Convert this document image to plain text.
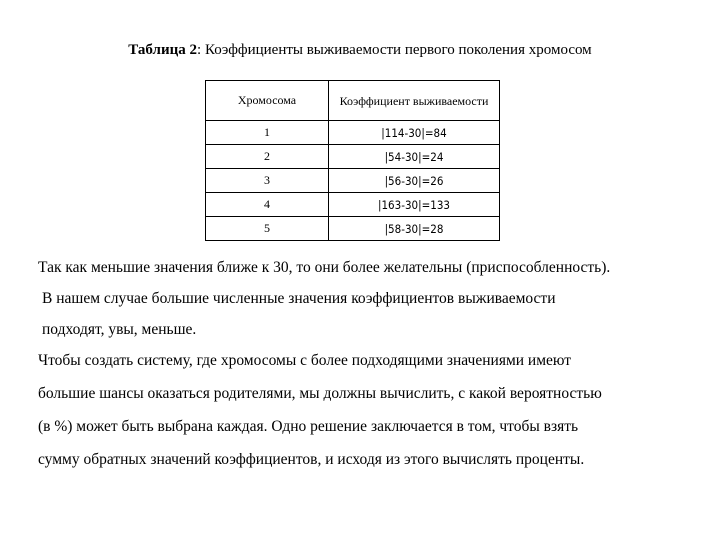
Таблица 2: Коэффициенты выживаемости первого поколения хромосом
Хромосома	Коэффициент выживаемости
1	|114-30|=84
2	|54-30|=24
3	|56-30|=26
4	|163-30|=133
5	|58-30|=28
Так как меньшие значения ближе к 30, то они более желательны (приспособленность).
В нашем случае большие численные значения коэффициентов выживаемости
подходят, увы, меньше.
Чтобы создать систему, где хромосомы с более подходящими значениями имеют
большие шансы оказаться родителями, мы должны вычислить, с какой вероятностью
(в %) может быть выбрана каждая. Одно решение заключается в том, чтобы взять
сумму обратных значений коэффициентов, и исходя из этого вычислять проценты.
